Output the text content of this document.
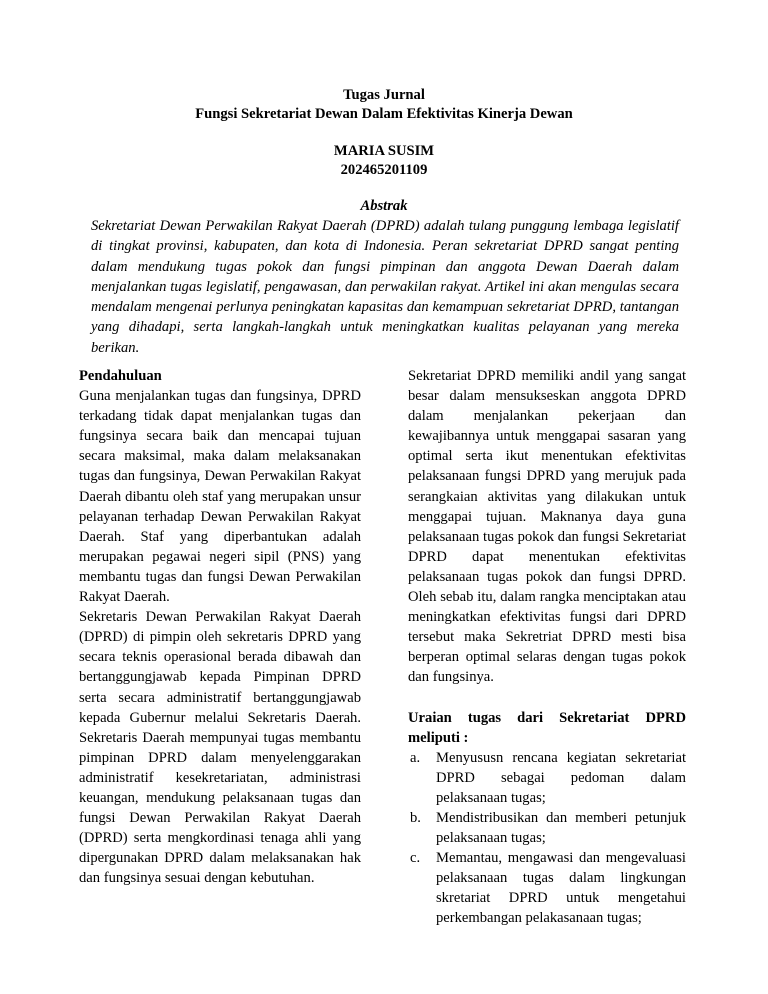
Tugas Jurnal

Fungsi Sekretariat Dewan Dalam Efektivitas Kinerja Dewan

MARIA SUSIM

202465201109

Abstrak

Sekretariat Dewan Perwakilan Rakyat Daerah (DPRD) adalah tulang punggung lembaga legislatif di tingkat provinsi, kabupaten, dan kota di Indonesia. Peran sekretariat DPRD sangat penting dalam mendukung tugas pokok dan fungsi pimpinan dan anggota Dewan Daerah dalam menjalankan tugas legislatif, pengawasan, dan perwakilan rakyat. Artikel ini akan mengulas secara mendalam mengenai perlunya peningkatan kapasitas dan kemampuan sekretariat DPRD, tantangan yang dihadapi, serta langkah-langkah untuk meningkatkan kualitas pelayanan yang mereka berikan.

Pendahuluan

Guna menjalankan tugas dan fungsinya, DPRD terkadang tidak dapat menjalankan tugas dan fungsinya secara baik dan mencapai tujuan secara maksimal, maka dalam melaksanakan tugas dan fungsinya, Dewan Perwakilan Rakyat Daerah dibantu oleh staf yang merupakan unsur pelayanan terhadap Dewan Perwakilan Rakyat Daerah. Staf yang diperbantukan adalah merupakan pegawai negeri sipil (PNS) yang membantu tugas dan fungsi Dewan Perwakilan Rakyat Daerah.

Sekretaris Dewan Perwakilan Rakyat Daerah (DPRD) di pimpin oleh sekretaris DPRD yang secara teknis operasional berada dibawah dan bertanggungjawab kepada Pimpinan DPRD serta secara administratif bertanggungjawab kepada Gubernur melalui Sekretaris Daerah. Sekretaris Daerah mempunyai tugas membantu pimpinan DPRD dalam menyelenggarakan administratif kesekretariatan, administrasi keuangan, mendukung pelaksanaan tugas dan fungsi Dewan Perwakilan Rakyat Daerah (DPRD) serta mengkordinasi tenaga ahli yang dipergunakan DPRD dalam melaksanakan hak dan fungsinya sesuai dengan kebutuhan.

Sekretariat DPRD memiliki andil yang sangat besar dalam mensukseskan anggota DPRD dalam menjalankan pekerjaan dan kewajibannya untuk menggapai sasaran yang optimal serta ikut menentukan efektivitas pelaksanaan fungsi DPRD yang merujuk pada serangkaian aktivitas yang dilakukan untuk menggapai tujuan. Maknanya daya guna pelaksanaan tugas pokok dan fungsi Sekretariat DPRD dapat menentukan efektivitas pelaksanaan tugas pokok dan fungsi DPRD. Oleh sebab itu, dalam rangka menciptakan atau meningkatkan efektivitas fungsi dari DPRD tersebut maka Sekretriat DPRD mesti bisa berperan optimal selaras dengan tugas pokok dan fungsinya.

Uraian tugas dari Sekretariat DPRD meliputi :

a. Menyususn rencana kegiatan sekretariat DPRD sebagai pedoman dalam pelaksanaan tugas;
b. Mendistribusikan dan memberi petunjuk pelaksanaan tugas;
c. Memantau, mengawasi dan mengevaluasi pelaksanaan tugas dalam lingkungan skretariat DPRD untuk mengetahui perkembangan pelakasanaan tugas;
